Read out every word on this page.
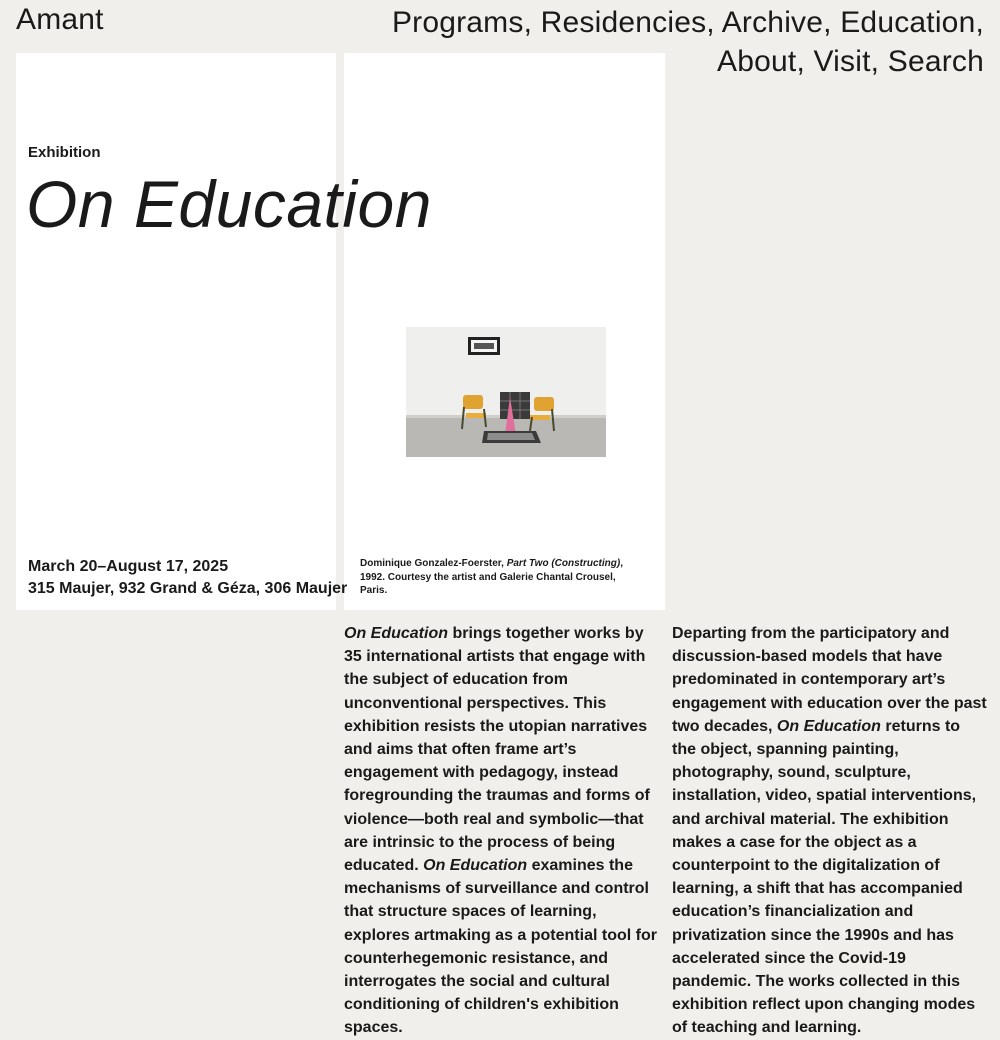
Amant	Programs, Residencies, Archive, Education,
About, Visit, Search
Exhibition
On Education
March 20–August 17, 2025
315 Maujer, 932 Grand & Géza, 306 Maujer
Dominique Gonzalez-Foerster, Part Two (Constructing), 1992. Courtesy the artist and Galerie Chantal Crousel, Paris.
On Education brings together works by 35 international artists that engage with the subject of education from unconventional perspectives. This exhibition resists the utopian narratives and aims that often frame art’s engagement with pedagogy, instead foregrounding the traumas and forms of violence—both real and symbolic—that are intrinsic to the process of being educated. On Education examines the mechanisms of surveillance and control that structure spaces of learning, explores artmaking as a potential tool for counterhegemonic resistance, and interrogates the social and cultural conditioning of children's exhibition spaces.
Departing from the participatory and discussion-based models that have predominated in contemporary art’s engagement with education over the past two decades, On Education returns to the object, spanning painting, photography, sound, sculpture, installation, video, spatial interventions, and archival material. The exhibition makes a case for the object as a counterpoint to the digitalization of learning, a shift that has accompanied education’s financialization and privatization since the 1990s and has accelerated since the Covid-19 pandemic. The works collected in this exhibition reflect upon changing modes of teaching and learning.
